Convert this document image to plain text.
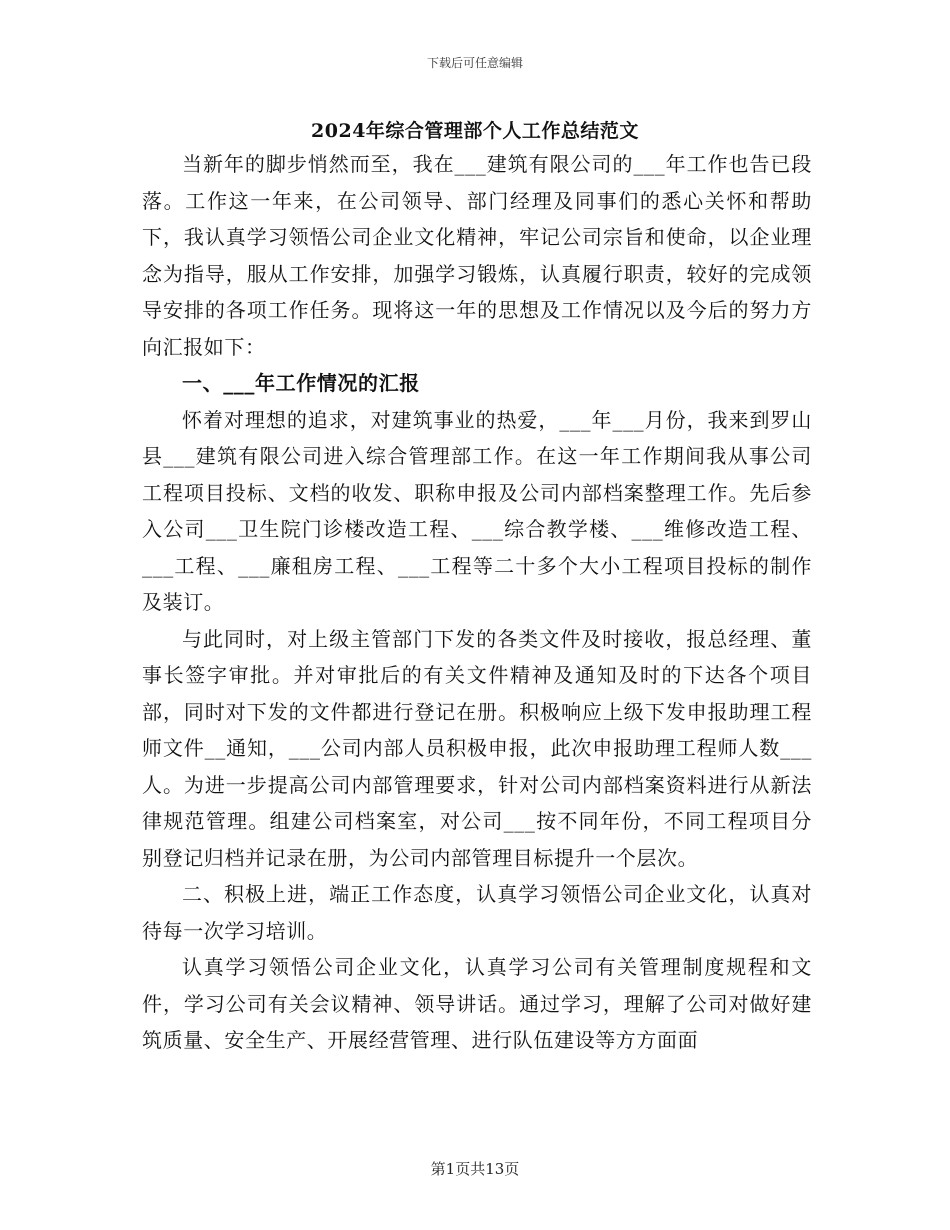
下载后可任意编辑
2024年综合管理部个人工作总结范文

当新年的脚步悄然而至，我在___建筑有限公司的___年工作也告已段落。工作这一年来，在公司领导、部门经理及同事们的悉心关怀和帮助下，我认真学习领悟公司企业文化精神，牢记公司宗旨和使命，以企业理念为指导，服从工作安排，加强学习锻炼，认真履行职责，较好的完成领导安排的各项工作任务。现将这一年的思想及工作情况以及今后的努力方向汇报如下：

一、___年工作情况的汇报

怀着对理想的追求，对建筑事业的热爱，___年___月份，我来到罗山县___建筑有限公司进入综合管理部工作。在这一年工作期间我从事公司工程项目投标、文档的收发、职称申报及公司内部档案整理工作。先后参入公司___卫生院门诊楼改造工程、___综合教学楼、___维修改造工程、___工程、___廉租房工程、___工程等二十多个大小工程项目投标的制作及装订。

与此同时，对上级主管部门下发的各类文件及时接收，报总经理、董事长签字审批。并对审批后的有关文件精神及通知及时的下达各个项目部，同时对下发的文件都进行登记在册。积极响应上级下发申报助理工程师文件__通知，___公司内部人员积极申报，此次申报助理工程师人数___人。为进一步提高公司内部管理要求，针对公司内部档案资料进行从新法律规范管理。组建公司档案室，对公司___按不同年份，不同工程项目分别登记归档并记录在册，为公司内部管理目标提升一个层次。

二、积极上进，端正工作态度，认真学习领悟公司企业文化，认真对待每一次学习培训。

认真学习领悟公司企业文化，认真学习公司有关管理制度规程和文件，学习公司有关会议精神、领导讲话。通过学习，理解了公司对做好建筑质量、安全生产、开展经营管理、进行队伍建设等方方面面

第1页共13页
